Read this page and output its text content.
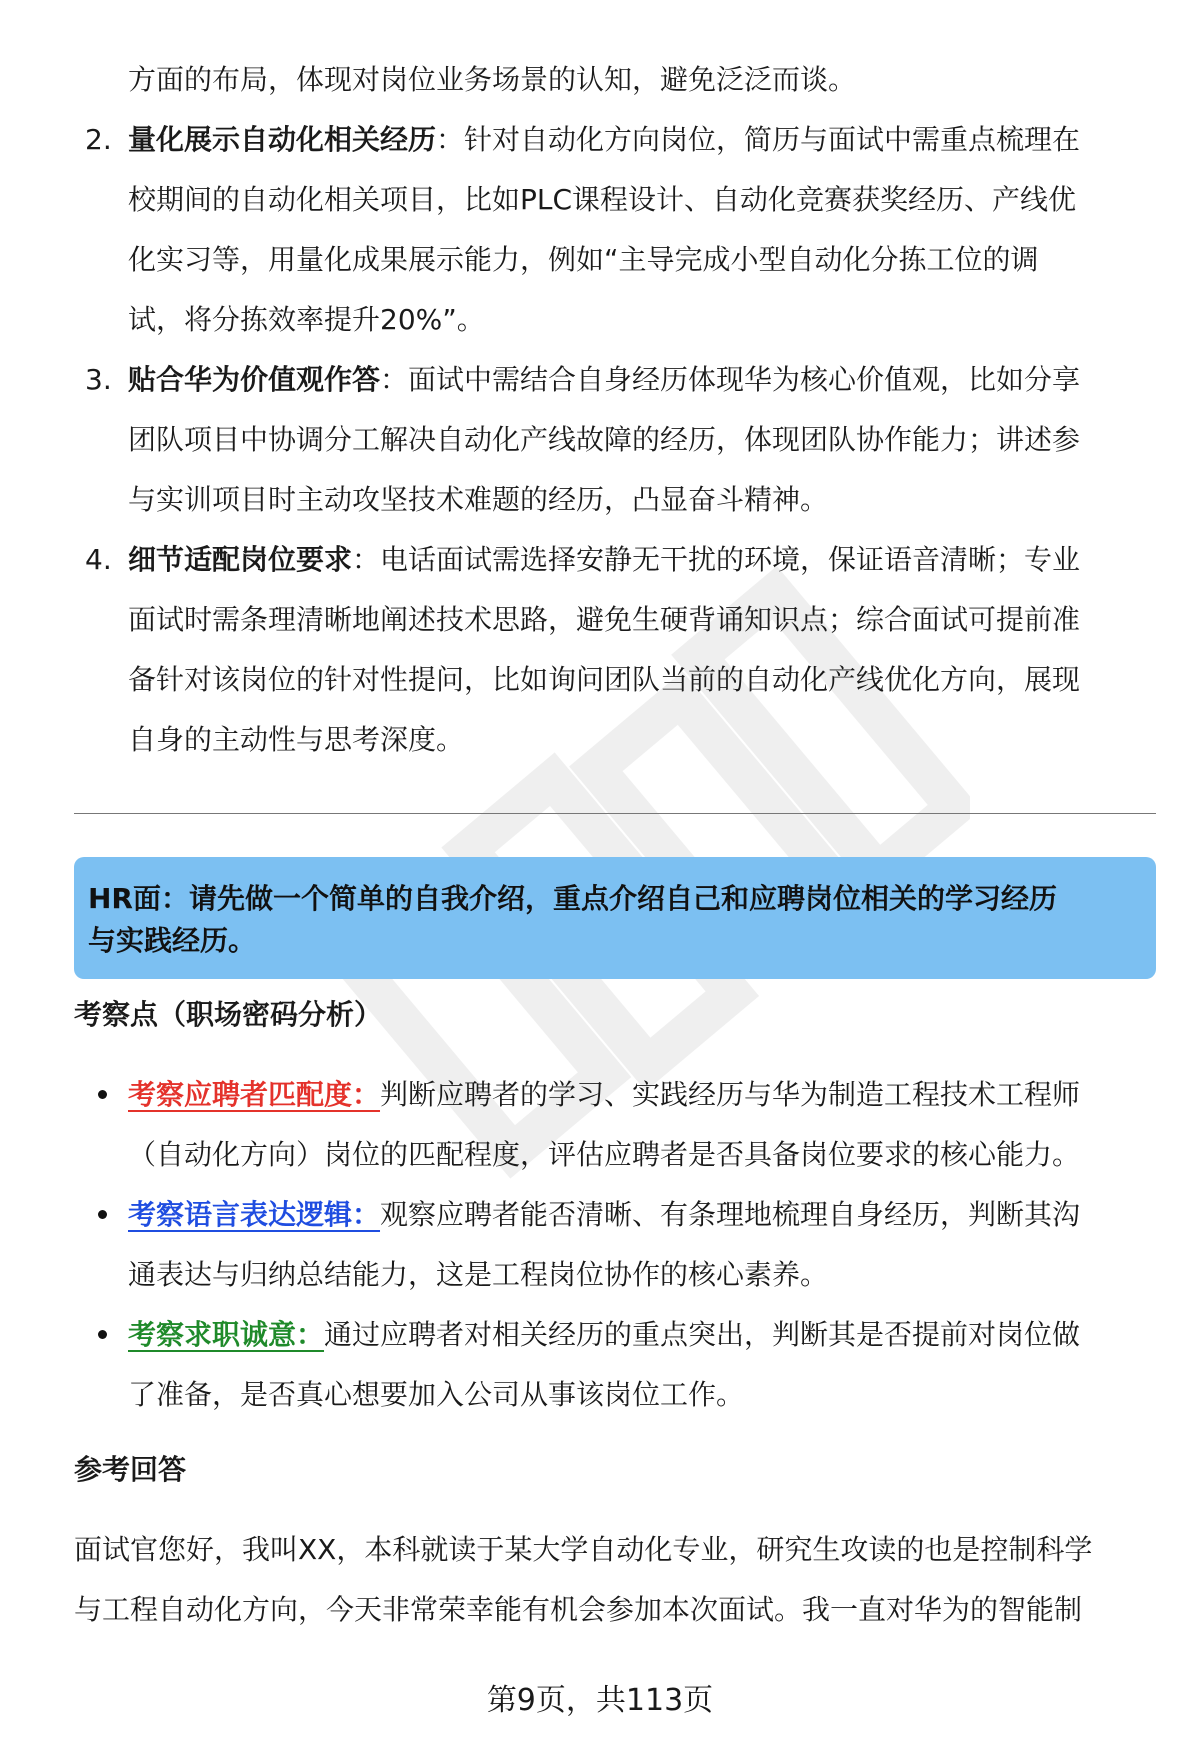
方面的布局，体现对岗位业务场景的认知，避免泛泛而谈。
2. 量化展示自动化相关经历：针对自动化方向岗位，简历与面试中需重点梳理在
校期间的自动化相关项目，比如PLC课程设计、自动化竞赛获奖经历、产线优
化实习等，用量化成果展示能力，例如“主导完成小型自动化分拣工位的调
试，将分拣效率提升20%”。
3. 贴合华为价值观作答：面试中需结合自身经历体现华为核心价值观，比如分享
团队项目中协调分工解决自动化产线故障的经历，体现团队协作能力；讲述参
与实训项目时主动攻坚技术难题的经历，凸显奋斗精神。
4. 细节适配岗位要求：电话面试需选择安静无干扰的环境，保证语音清晰；专业
面试时需条理清晰地阐述技术思路，避免生硬背诵知识点；综合面试可提前准
备针对该岗位的针对性提问，比如询问团队当前的自动化产线优化方向，展现
自身的主动性与思考深度。
HR面：请先做一个简单的自我介绍，重点介绍自己和应聘岗位相关的学习经历
与实践经历。
考察点（职场密码分析）
考察应聘者匹配度：判断应聘者的学习、实践经历与华为制造工程技术工程师
（自动化方向）岗位的匹配程度，评估应聘者是否具备岗位要求的核心能力。
考察语言表达逻辑：观察应聘者能否清晰、有条理地梳理自身经历，判断其沟
通表达与归纳总结能力，这是工程岗位协作的核心素养。
考察求职诚意：通过应聘者对相关经历的重点突出，判断其是否提前对岗位做
了准备，是否真心想要加入公司从事该岗位工作。
参考回答
面试官您好，我叫XX，本科就读于某大学自动化专业，研究生攻读的也是控制科学
与工程自动化方向，今天非常荣幸能有机会参加本次面试。我一直对华为的智能制
第9页，共113页
